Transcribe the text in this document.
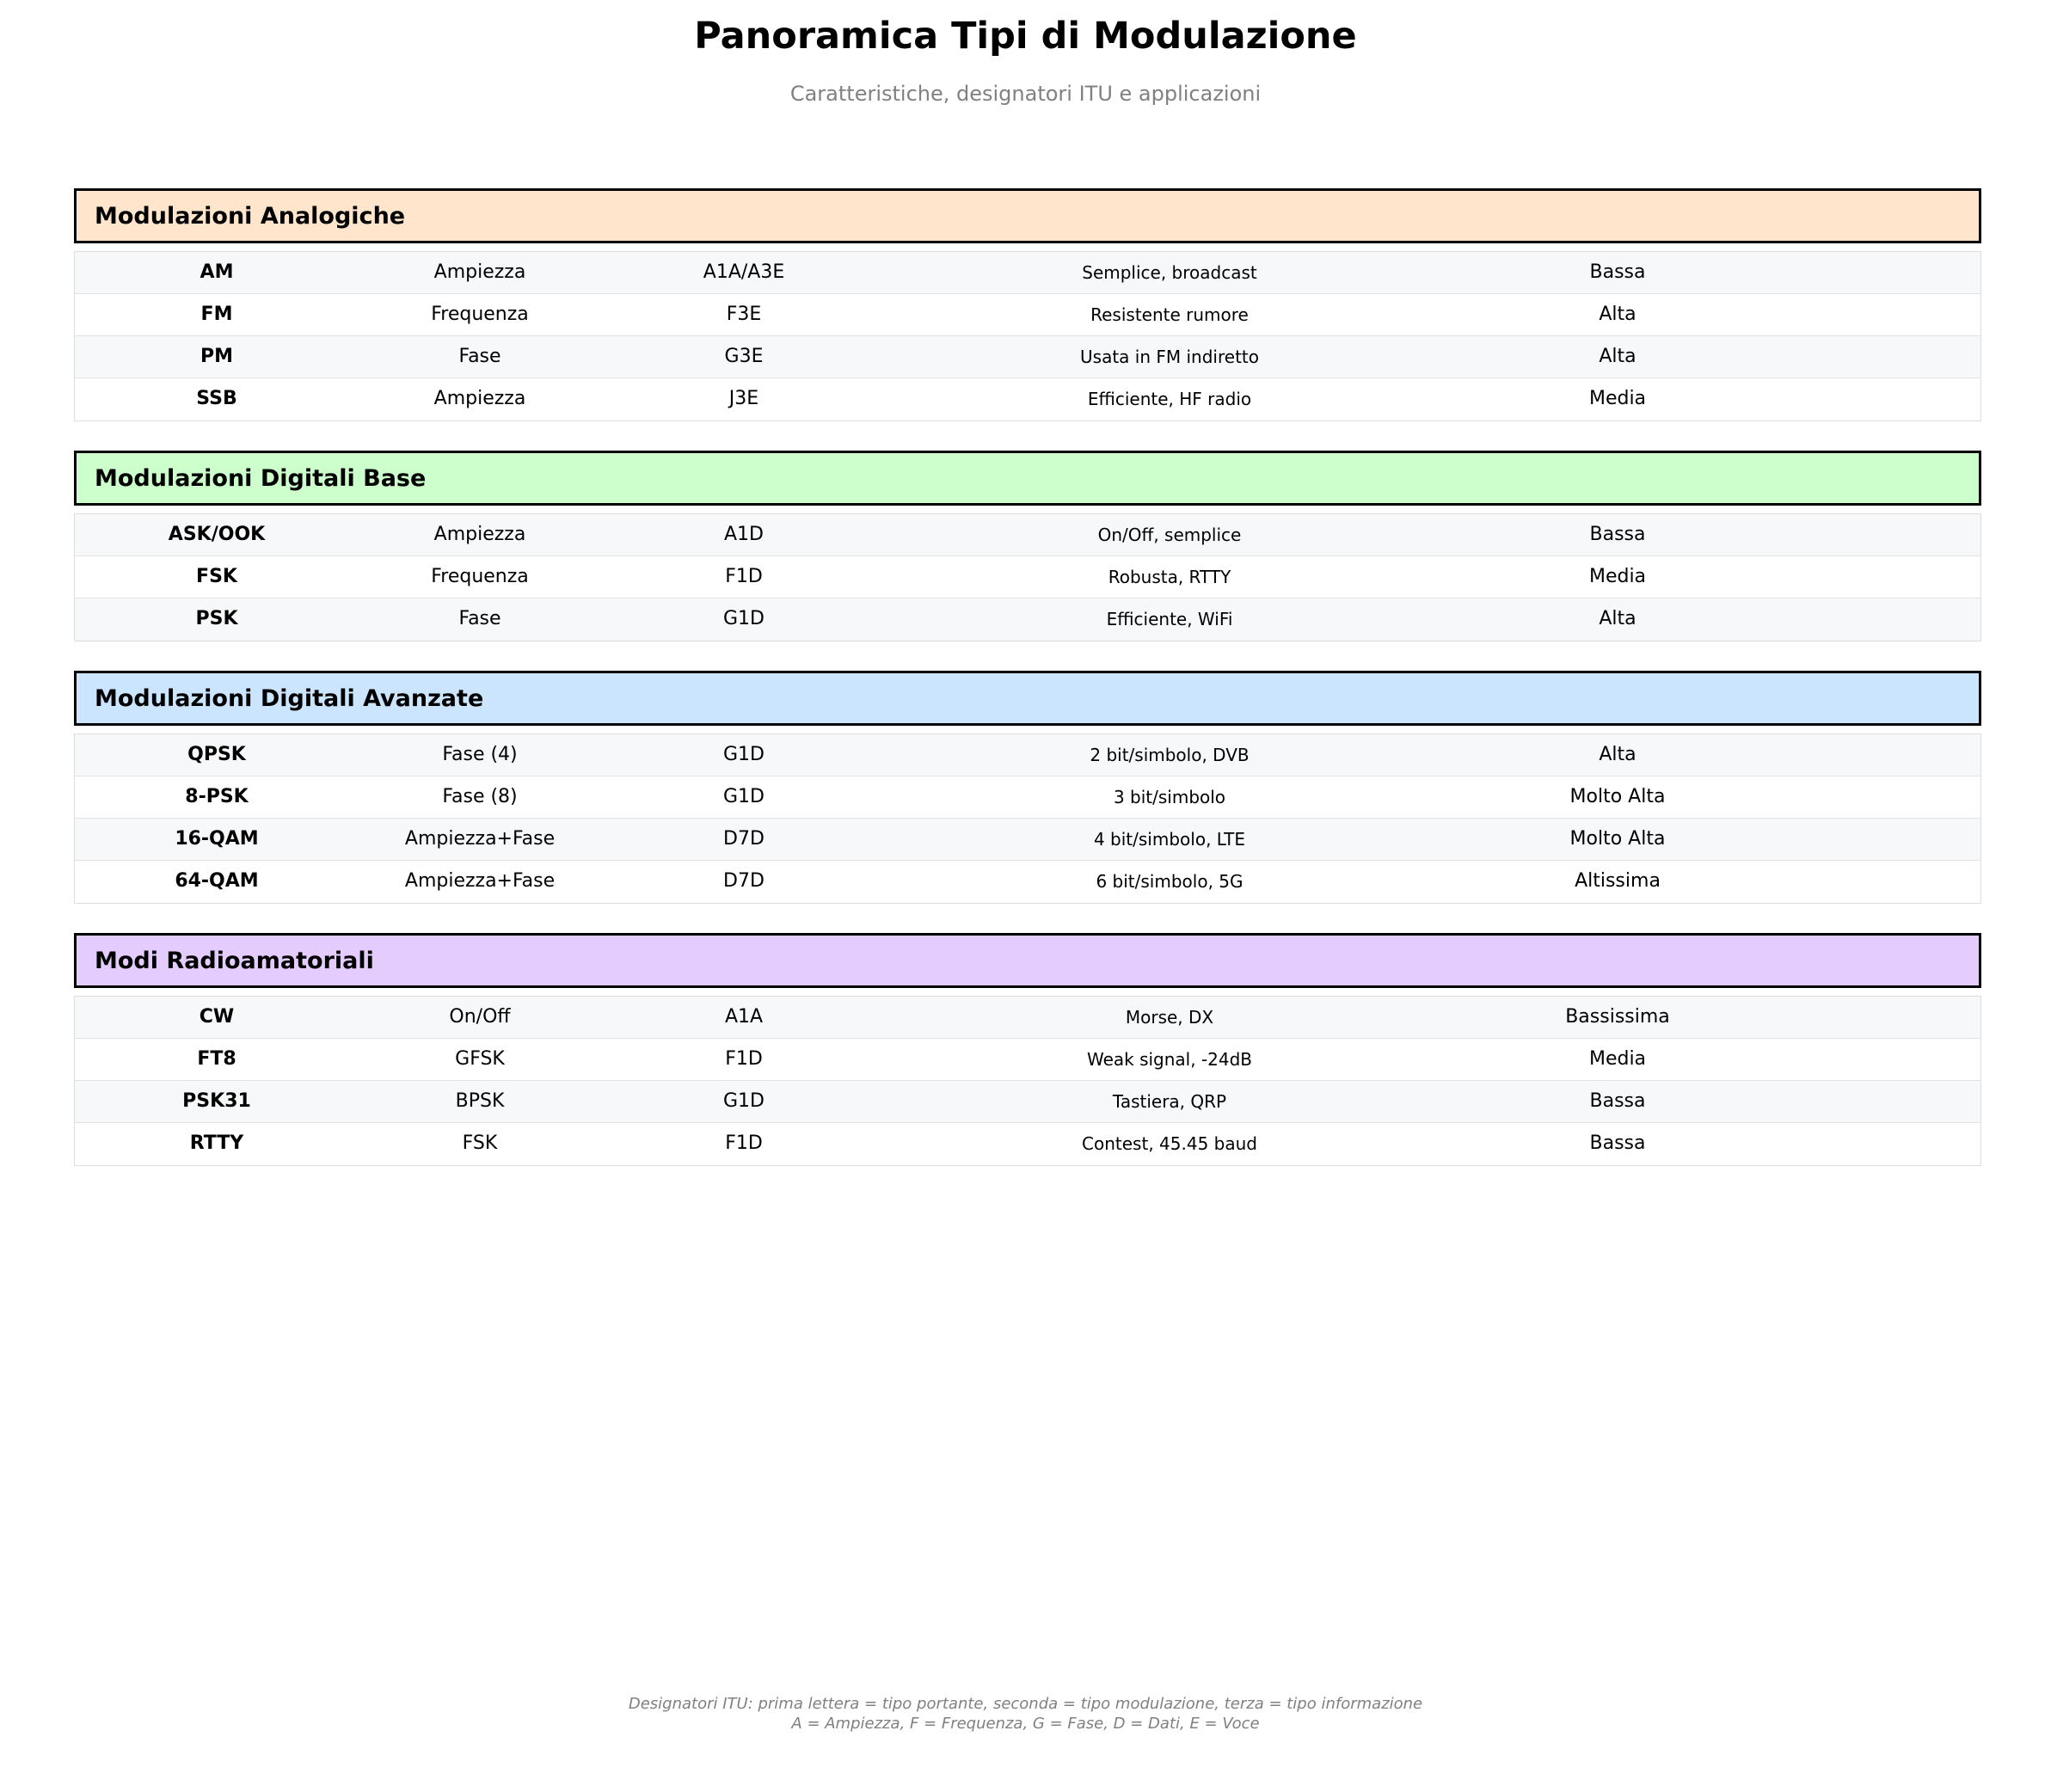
Panoramica Tipi di Modulazione
Caratteristiche, designatori ITU e applicazioni
Modulazioni Analogiche
AM	Ampiezza	A1A/A3E	Semplice, broadcast	Bassa
FM	Frequenza	F3E	Resistente rumore	Alta
PM	Fase	G3E	Usata in FM indiretto	Alta
SSB	Ampiezza	J3E	Efficiente, HF radio	Media
Modulazioni Digitali Base
ASK/OOK	Ampiezza	A1D	On/Off, semplice	Bassa
FSK	Frequenza	F1D	Robusta, RTTY	Media
PSK	Fase	G1D	Efficiente, WiFi	Alta
Modulazioni Digitali Avanzate
QPSK	Fase (4)	G1D	2 bit/simbolo, DVB	Alta
8-PSK	Fase (8)	G1D	3 bit/simbolo	Molto Alta
16-QAM	Ampiezza+Fase	D7D	4 bit/simbolo, LTE	Molto Alta
64-QAM	Ampiezza+Fase	D7D	6 bit/simbolo, 5G	Altissima
Modi Radioamatoriali
CW	On/Off	A1A	Morse, DX	Bassissima
FT8	GFSK	F1D	Weak signal, -24dB	Media
PSK31	BPSK	G1D	Tastiera, QRP	Bassa
RTTY	FSK	F1D	Contest, 45.45 baud	Bassa
Designatori ITU: prima lettera = tipo portante, seconda = tipo modulazione, terza = tipo informazione
A = Ampiezza, F = Frequenza, G = Fase, D = Dati, E = Voce
